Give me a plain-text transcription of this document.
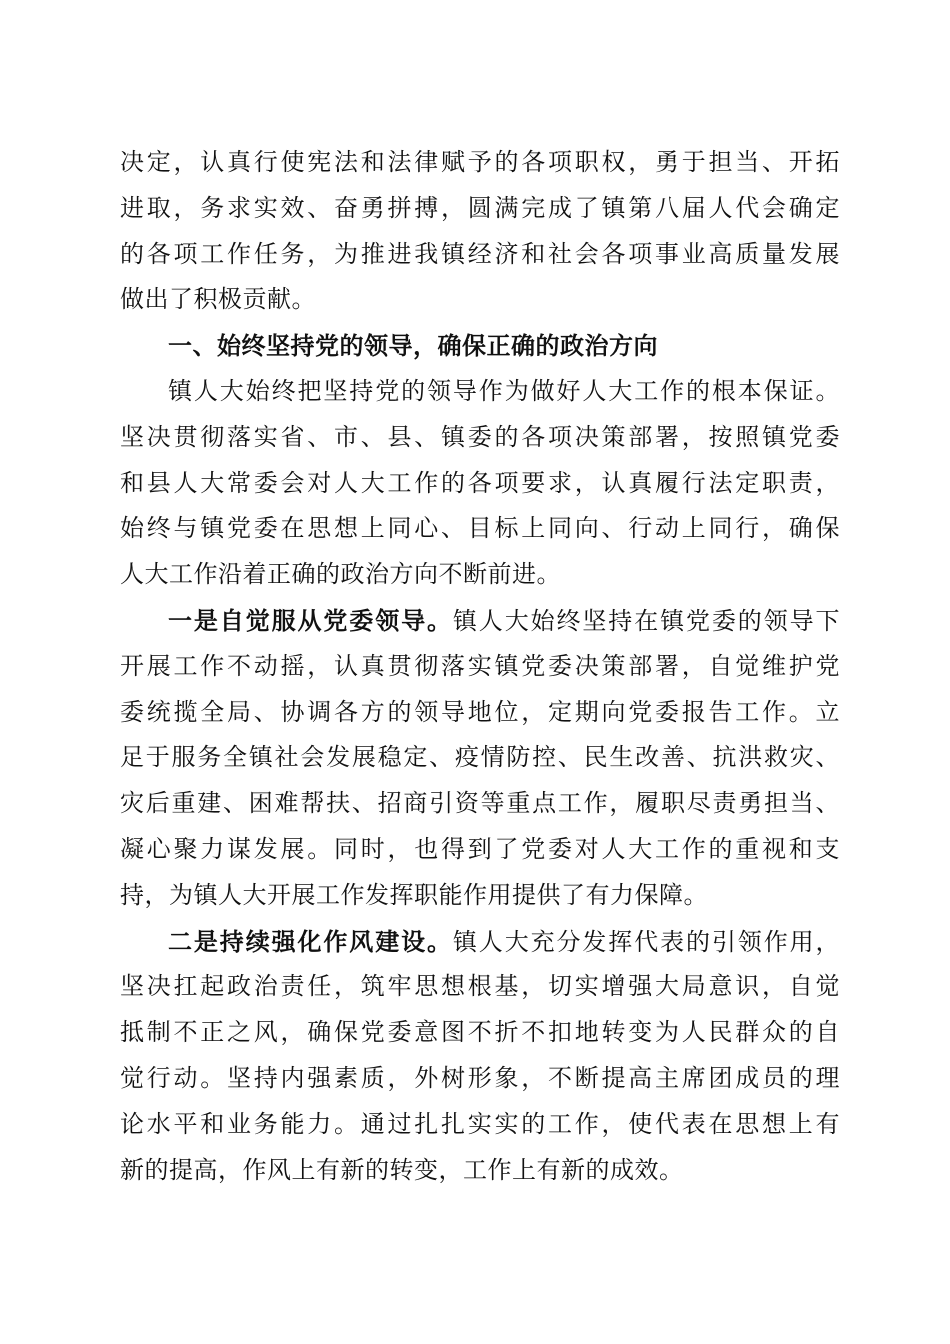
决定，认真行使宪法和法律赋予的各项职权，勇于担当、开拓
进取，务求实效、奋勇拼搏，圆满完成了镇第八届人代会确定
的各项工作任务，为推进我镇经济和社会各项事业高质量发展
做出了积极贡献。
一、始终坚持党的领导，确保正确的政治方向
镇人大始终把坚持党的领导作为做好人大工作的根本保证。
坚决贯彻落实省、市、县、镇委的各项决策部署，按照镇党委
和县人大常委会对人大工作的各项要求，认真履行法定职责，
始终与镇党委在思想上同心、目标上同向、行动上同行，确保
人大工作沿着正确的政治方向不断前进。
一是自觉服从党委领导。镇人大始终坚持在镇党委的领导下
开展工作不动摇，认真贯彻落实镇党委决策部署，自觉维护党
委统揽全局、协调各方的领导地位，定期向党委报告工作。立
足于服务全镇社会发展稳定、疫情防控、民生改善、抗洪救灾、
灾后重建、困难帮扶、招商引资等重点工作，履职尽责勇担当、
凝心聚力谋发展。同时，也得到了党委对人大工作的重视和支
持，为镇人大开展工作发挥职能作用提供了有力保障。
二是持续强化作风建设。镇人大充分发挥代表的引领作用，
坚决扛起政治责任，筑牢思想根基，切实增强大局意识，自觉
抵制不正之风，确保党委意图不折不扣地转变为人民群众的自
觉行动。坚持内强素质，外树形象，不断提高主席团成员的理
论水平和业务能力。通过扎扎实实的工作，使代表在思想上有
新的提高，作风上有新的转变，工作上有新的成效。
